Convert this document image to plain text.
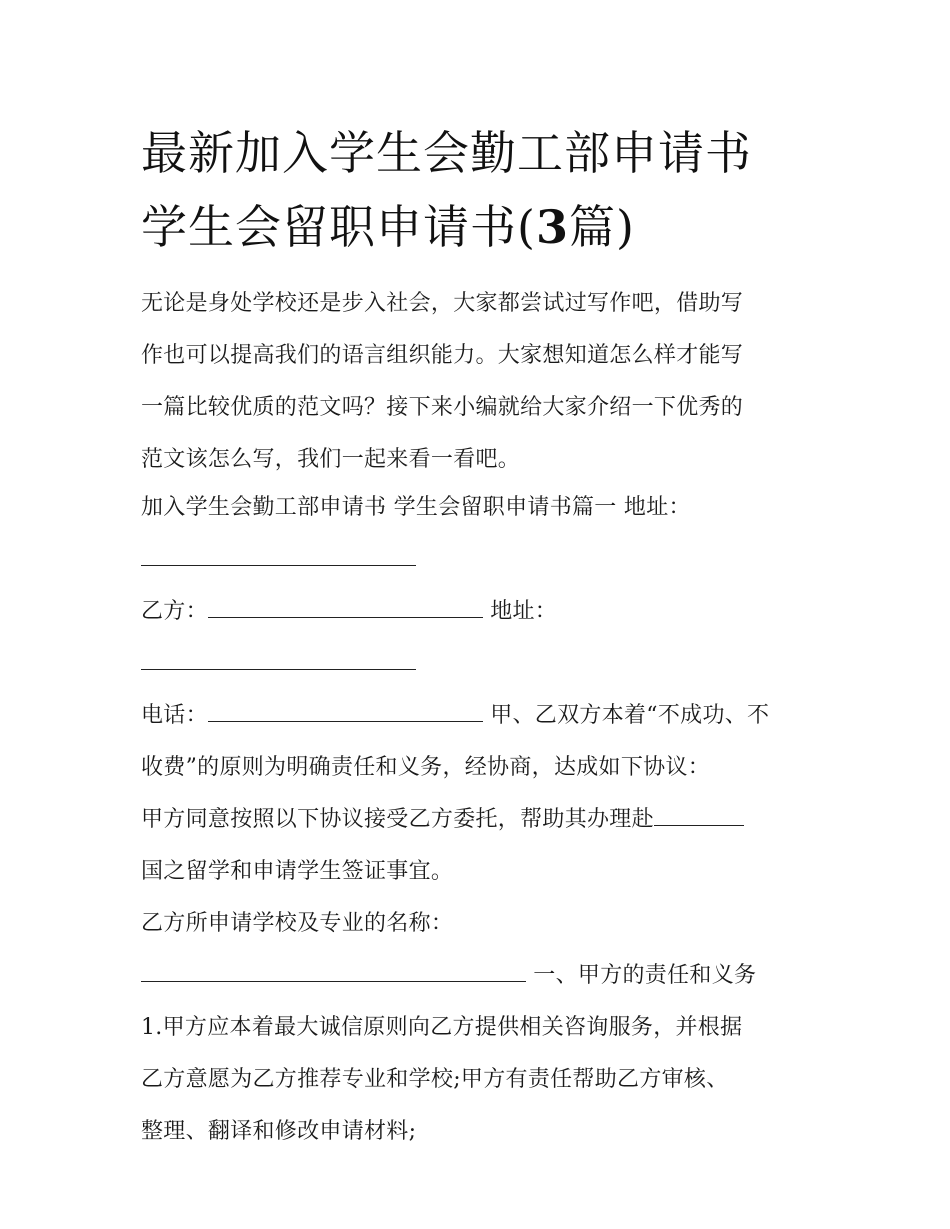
最新加入学生会勤工部申请书
学生会留职申请书(3篇)
无论是身处学校还是步入社会，大家都尝试过写作吧，借助写
作也可以提高我们的语言组织能力。大家想知道怎么样才能写
一篇比较优质的范文吗？接下来小编就给大家介绍一下优秀的
范文该怎么写，我们一起来看一看吧。
加入学生会勤工部申请书 学生会留职申请书篇一 地址：
乙方：	地址：
电话：	甲、乙双方本着“不成功、不
收费”的原则为明确责任和义务，经协商，达成如下协议：
甲方同意按照以下协议接受乙方委托，帮助其办理赴
国之留学和申请学生签证事宜。
乙方所申请学校及专业的名称：
一、甲方的责任和义务
1.甲方应本着最大诚信原则向乙方提供相关咨询服务，并根据
乙方意愿为乙方推荐专业和学校;甲方有责任帮助乙方审核、
整理、翻译和修改申请材料;
